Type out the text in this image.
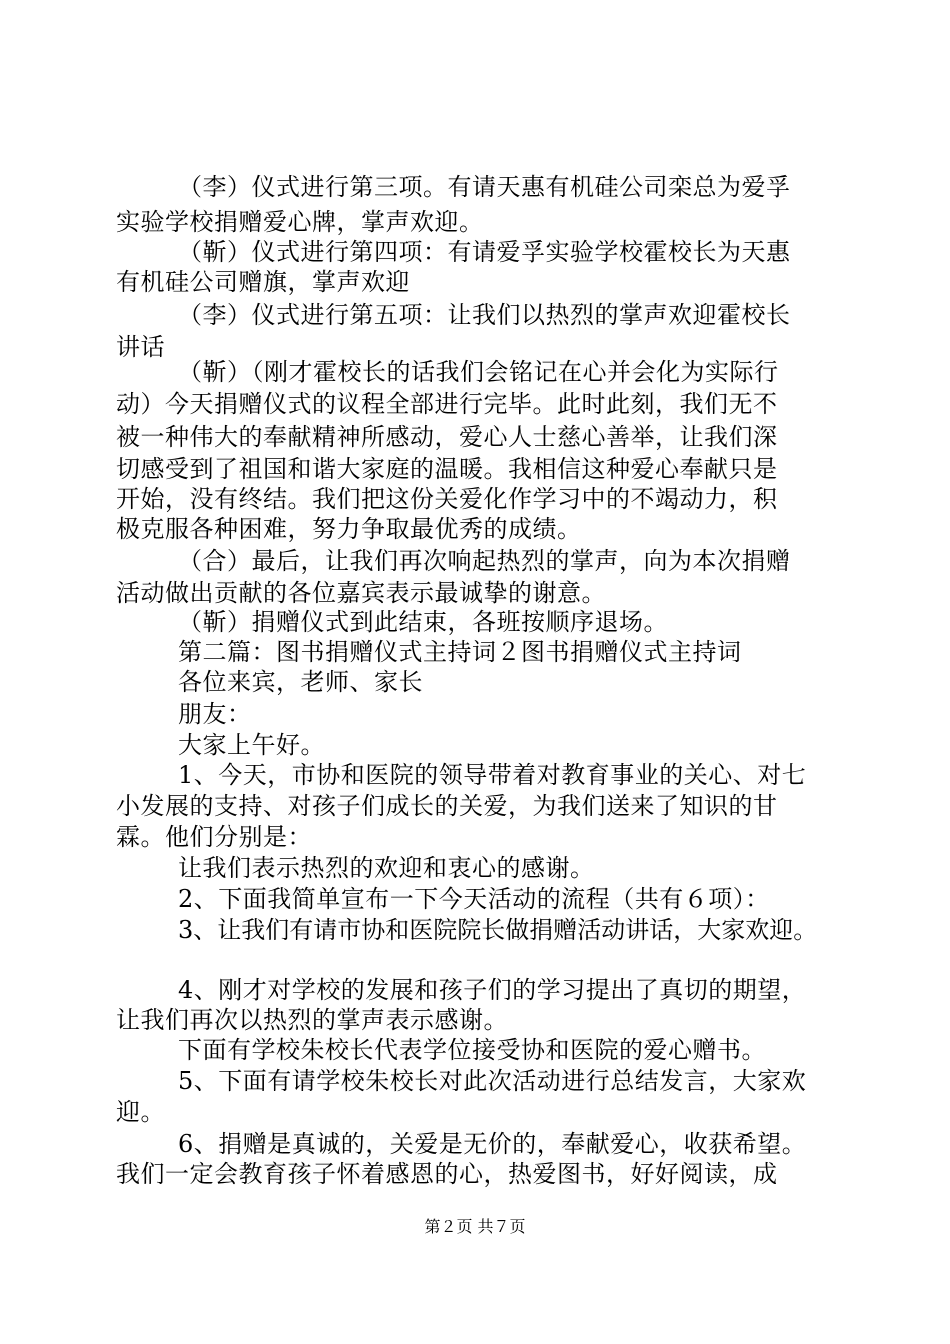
（李）仪式进行第三项。有请天惠有机硅公司栾总为爱孚
实验学校捐赠爱心牌，掌声欢迎。
（靳）仪式进行第四项：有请爱孚实验学校霍校长为天惠
有机硅公司赠旗，掌声欢迎
（李）仪式进行第五项：让我们以热烈的掌声欢迎霍校长
讲话
（靳）（刚才霍校长的话我们会铭记在心并会化为实际行
动）今天捐赠仪式的议程全部进行完毕。此时此刻，我们无不
被一种伟大的奉献精神所感动，爱心人士慈心善举，让我们深
切感受到了祖国和谐大家庭的温暖。我相信这种爱心奉献只是
开始，没有终结。我们把这份关爱化作学习中的不竭动力，积
极克服各种困难，努力争取最优秀的成绩。
（合）最后，让我们再次响起热烈的掌声，向为本次捐赠
活动做出贡献的各位嘉宾表示最诚挚的谢意。
（靳）捐赠仪式到此结束，各班按顺序退场。
第二篇：图书捐赠仪式主持词２图书捐赠仪式主持词
各位来宾，老师、家长
朋友：
大家上午好。
1、今天，市协和医院的领导带着对教育事业的关心、对七
小发展的支持、对孩子们成长的关爱，为我们送来了知识的甘
霖。他们分别是：
让我们表示热烈的欢迎和衷心的感谢。
2、下面我简单宣布一下今天活动的流程（共有６项）：
3、让我们有请市协和医院院长做捐赠活动讲话，大家欢迎。
4、刚才对学校的发展和孩子们的学习提出了真切的期望，
让我们再次以热烈的掌声表示感谢。
下面有学校朱校长代表学位接受协和医院的爱心赠书。
5、下面有请学校朱校长对此次活动进行总结发言，大家欢
迎。
6、捐赠是真诚的，关爱是无价的，奉献爱心，收获希望。
我们一定会教育孩子怀着感恩的心，热爱图书，好好阅读，成
第２页 共７页
